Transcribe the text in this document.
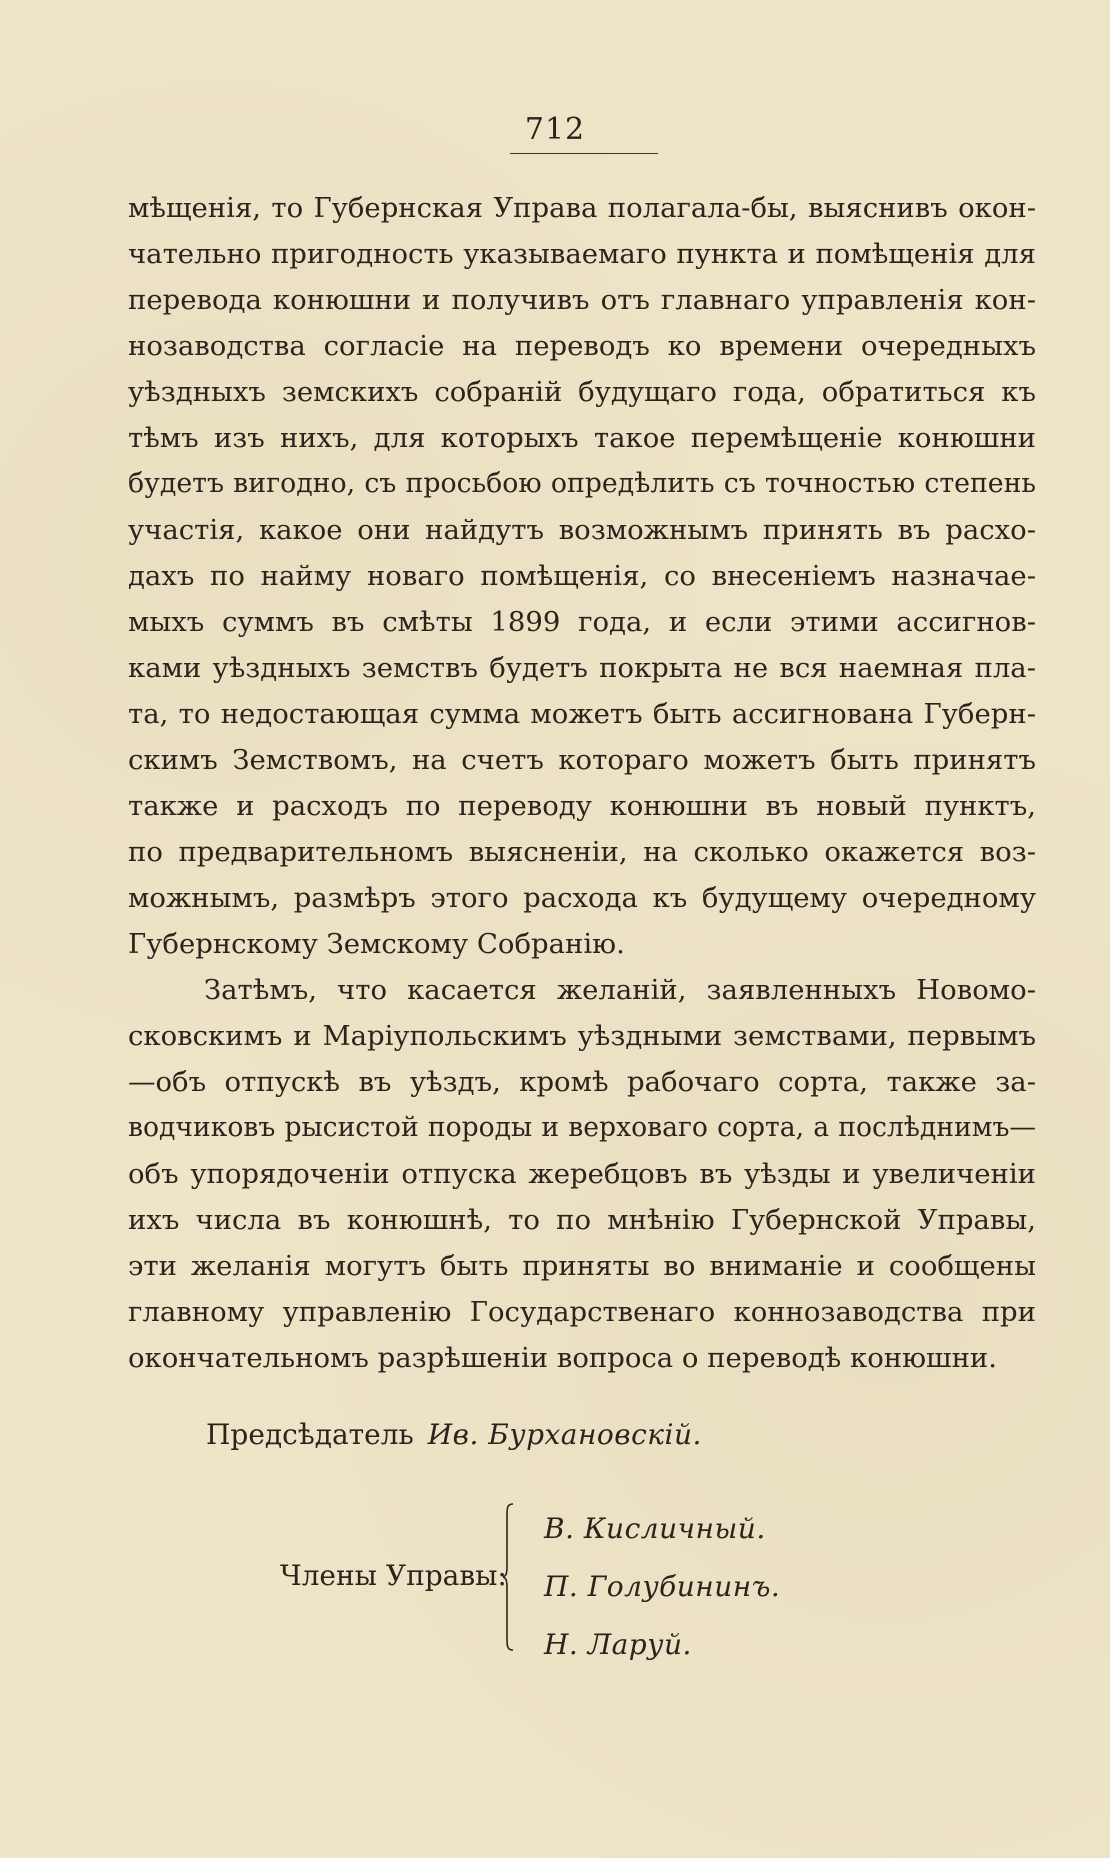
712
мѣщенія, то Губернская Управа полагала-бы, выяснивъ окон-
чательно пригодность указываемаго пункта и помѣщенія для
перевода конюшни и получивъ отъ главнаго управленія кон-
нозаводства согласіе на переводъ ко времени очередныхъ
уѣздныхъ земскихъ собраній будущаго года, обратиться къ
тѣмъ изъ нихъ, для которыхъ такое перемѣщеніе конюшни
будетъ вигодно, съ просьбою опредѣлить съ точностью степень
участія, какое они найдутъ возможнымъ принять въ расхо-
дахъ по найму новаго помѣщенія, со внесеніемъ назначае-
мыхъ суммъ въ смѣты 1899 года, и если этими ассигнов-
ками уѣздныхъ земствъ будетъ покрыта не вся наемная пла-
та, то недостающая сумма можетъ быть ассигнована Губерн-
скимъ Земствомъ, на счетъ котораго можетъ быть принятъ
также и расходъ по переводу конюшни въ новый пунктъ,
по предварительномъ выясненіи, на сколько окажется воз-
можнымъ, размѣръ этого расхода къ будущему очередному
Губернскому Земскому Собранію.
Затѣмъ, что касается желаній, заявленныхъ Новомо-
сковскимъ и Маріупольскимъ уѣздными земствами, первымъ
—объ отпускѣ въ уѣздъ, кромѣ рабочаго сорта, также за-
водчиковъ рысистой породы и верховаго сорта, а послѣднимъ—
объ упорядоченіи отпуска жеребцовъ въ уѣзды и увеличеніи
ихъ числа въ конюшнѣ, то по мнѣнію Губернской Управы,
эти желанія могутъ быть приняты во вниманіе и сообщены
главному управленію Государствeнаго коннозаводства при
окончательномъ разрѣшеніи вопроса о переводѣ конюшни.
Предсѣдатель Ив. Бурхановскій.
Члены Управы:
В. Кисличный.
П. Голубининъ.
Н. Ларуй.
